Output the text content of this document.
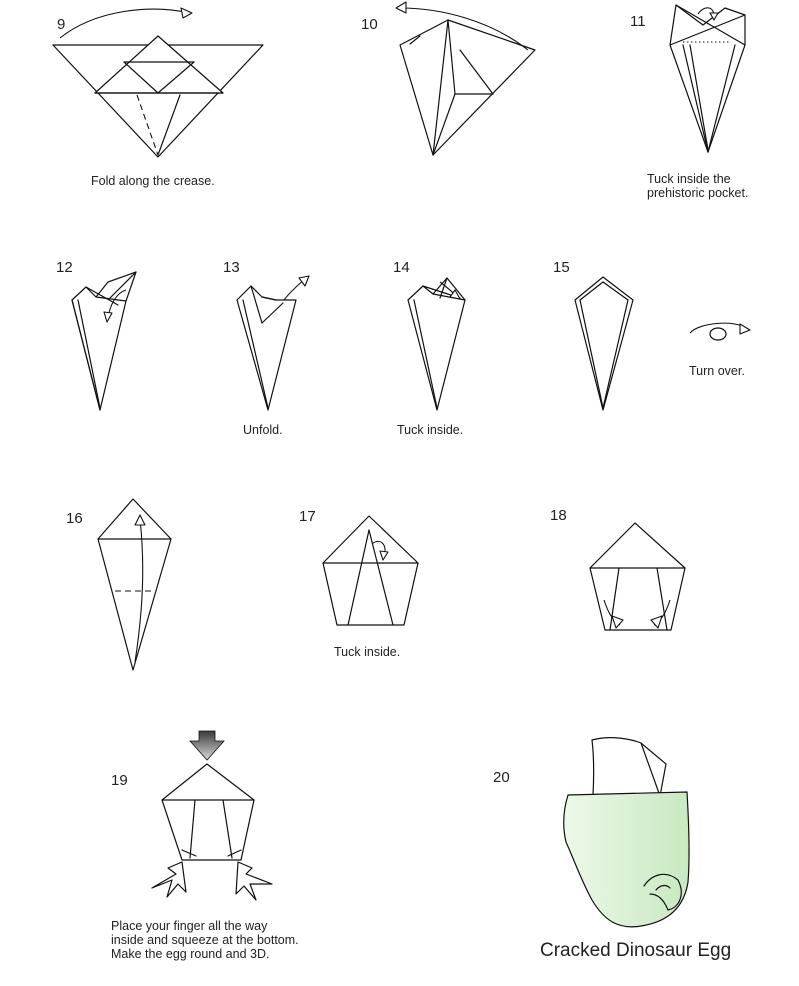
9	10	11
12	13	14	15
16	17	18
19	20
Fold along the crease.	Tuck inside the
prehistoric pocket.
Unfold.	Tuck inside.
Turn over.
Tuck inside.
Place your finger all the way
inside and squeeze at the bottom.
Make the egg round and 3D.	Cracked Dinosaur Egg
